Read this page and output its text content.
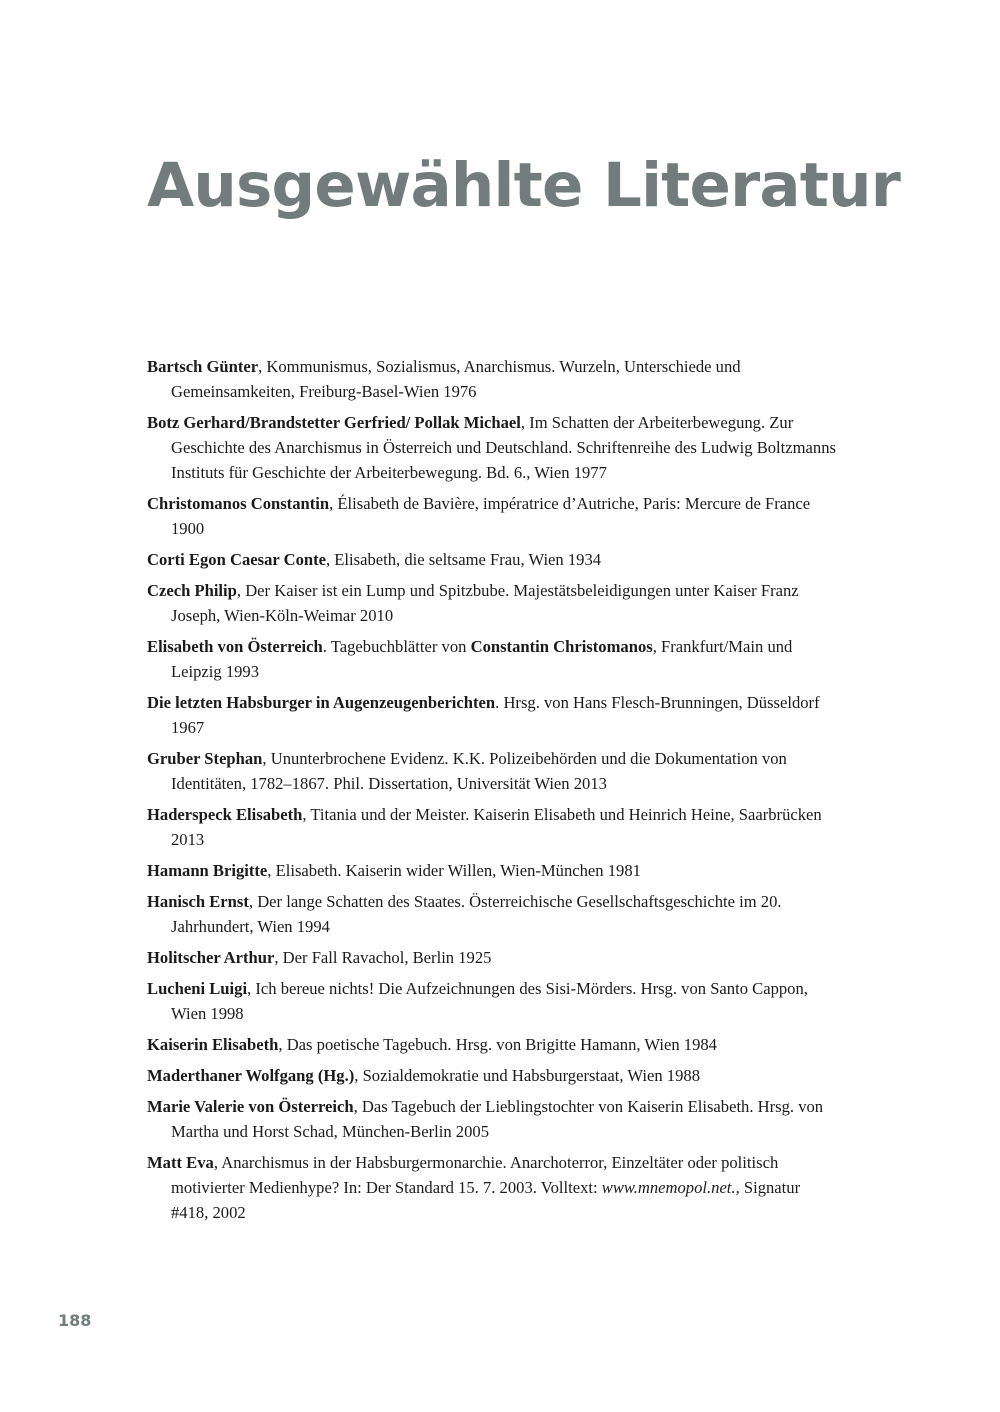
Ausgewählte Literatur
Bartsch Günter, Kommunismus, Sozialismus, Anarchismus. Wurzeln, Unterschiede und Gemeinsamkeiten, Freiburg-Basel-Wien 1976
Botz Gerhard/Brandstetter Gerfried/ Pollak Michael, Im Schatten der Arbeiterbewegung. Zur Geschichte des Anarchismus in Österreich und Deutschland. Schriftenreihe des Ludwig Boltzmanns Instituts für Geschichte der Arbeiterbewegung. Bd. 6., Wien 1977
Christomanos Constantin, Élisabeth de Bavière, impératrice d’Autriche, Paris: Mercure de France 1900
Corti Egon Caesar Conte, Elisabeth, die seltsame Frau, Wien 1934
Czech Philip, Der Kaiser ist ein Lump und Spitzbube. Majestätsbeleidigungen unter Kaiser Franz Joseph, Wien-Köln-Weimar 2010
Elisabeth von Österreich. Tagebuchblätter von Constantin Christomanos, Frankfurt/Main und Leipzig 1993
Die letzten Habsburger in Augenzeugenberichten. Hrsg. von Hans Flesch-Brunningen, Düsseldorf 1967
Gruber Stephan, Ununterbrochene Evidenz. K.K. Polizeibehörden und die Dokumentation von Identitäten, 1782–1867. Phil. Dissertation, Universität Wien 2013
Haderspeck Elisabeth, Titania und der Meister. Kaiserin Elisabeth und Heinrich Heine, Saarbrücken 2013
Hamann Brigitte, Elisabeth. Kaiserin wider Willen, Wien-München 1981
Hanisch Ernst, Der lange Schatten des Staates. Österreichische Gesellschaftsgeschichte im 20. Jahrhundert, Wien 1994
Holitscher Arthur, Der Fall Ravachol, Berlin 1925
Lucheni Luigi, Ich bereue nichts! Die Aufzeichnungen des Sisi-Mörders. Hrsg. von Santo Cappon, Wien 1998
Kaiserin Elisabeth, Das poetische Tagebuch. Hrsg. von Brigitte Hamann, Wien 1984
Maderthaner Wolfgang (Hg.), Sozialdemokratie und Habsburgerstaat, Wien 1988
Marie Valerie von Österreich, Das Tagebuch der Lieblingstochter von Kaiserin Elisabeth. Hrsg. von Martha und Horst Schad, München-Berlin 2005
Matt Eva, Anarchismus in der Habsburgermonarchie. Anarchoterror, Einzeltäter oder politisch motivierter Medienhype? In: Der Standard 15. 7. 2003. Volltext: www.mnemopol.net., Signatur #418, 2002
188
